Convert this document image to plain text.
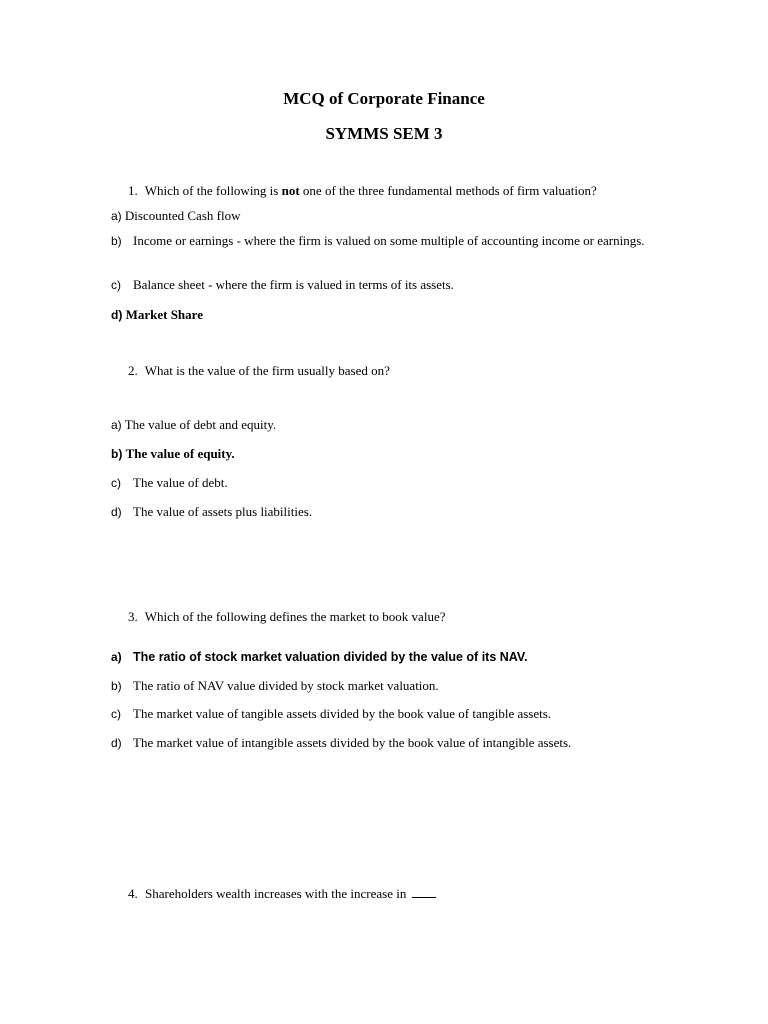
MCQ of Corporate Finance
SYMMS SEM 3
1. Which of the following is not one of the three fundamental methods of firm valuation?
a) Discounted Cash flow
b) Income or earnings - where the firm is valued on some multiple of accounting income or earnings.
c) Balance sheet - where the firm is valued in terms of its assets.
d) Market Share
2. What is the value of the firm usually based on?
a) The value of debt and equity.
b) The value of equity.
c) The value of debt.
d) The value of assets plus liabilities.
3. Which of the following defines the market to book value?
a) The ratio of stock market valuation divided by the value of its NAV.
b) The ratio of NAV value divided by stock market valuation.
c) The market value of tangible assets divided by the book value of tangible assets.
d) The market value of intangible assets divided by the book value of intangible assets.
4. Shareholders wealth increases with the increase in
